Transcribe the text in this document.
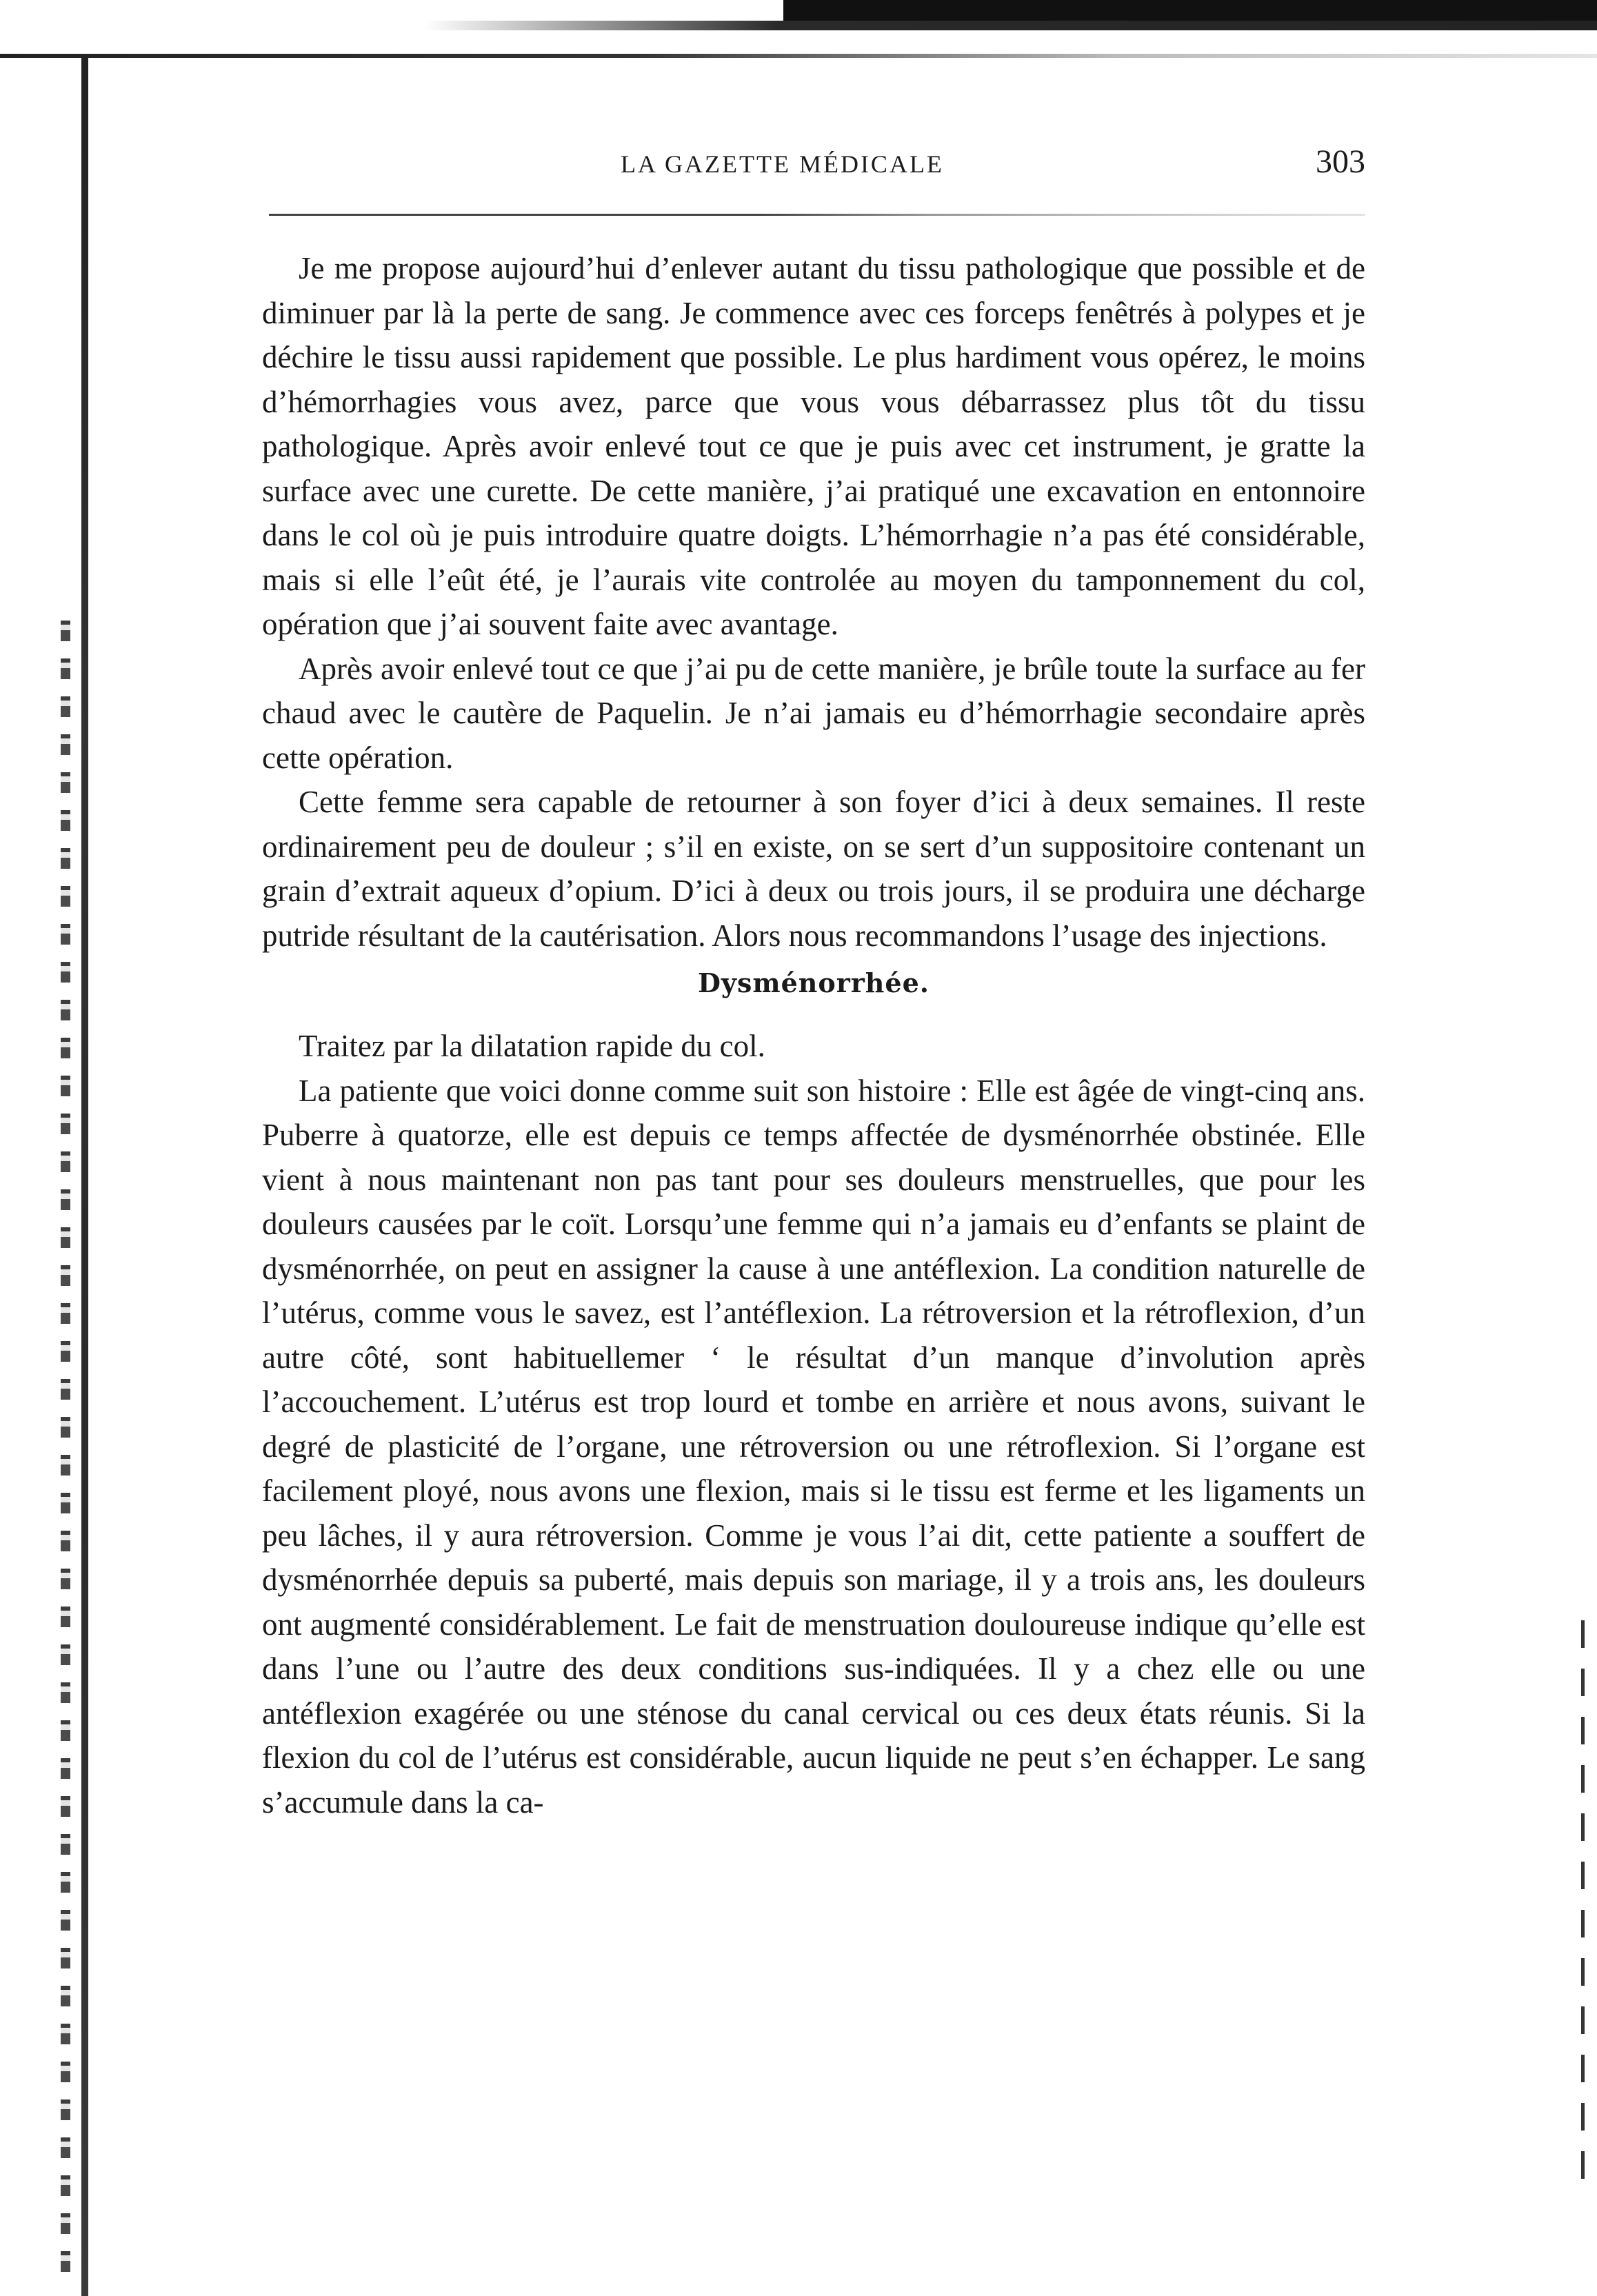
LA GAZETTE MÉDICALE	303

Je me propose aujourd’hui d’enlever autant du tissu pathologique que possible et de diminuer par là la perte de sang. Je commence avec ces forceps fenêtrés à polypes et je déchire le tissu aussi rapidement que possible. Le plus hardiment vous opérez, le moins d’hémorrhagies vous avez, parce que vous vous débarrassez plus tôt du tissu pathologique. Après avoir enlevé tout ce que je puis avec cet instrument, je gratte la surface avec une curette. De cette manière, j’ai pratiqué une excavation en entonnoire dans le col où je puis introduire quatre doigts. L’hémorrhagie n’a pas été considérable, mais si elle l’eût été, je l’aurais vite controlée au moyen du tamponnement du col, opération que j’ai souvent faite avec avantage.

Après avoir enlevé tout ce que j’ai pu de cette manière, je brûle toute la surface au fer chaud avec le cautère de Paquelin. Je n’ai jamais eu d’hémorrhagie secondaire après cette opération.

Cette femme sera capable de retourner à son foyer d’ici à deux semaines. Il reste ordinairement peu de douleur ; s’il en existe, on se sert d’un suppositoire contenant un grain d’extrait aqueux d’opium. D’ici à deux ou trois jours, il se produira une décharge putride résultant de la cautérisation. Alors nous recommandons l’usage des injections.

Dysménorrhée.

Traitez par la dilatation rapide du col.

La patiente que voici donne comme suit son histoire : Elle est âgée de vingt-cinq ans. Puberre à quatorze, elle est depuis ce temps affectée de dysménorrhée obstinée. Elle vient à nous maintenant non pas tant pour ses douleurs menstruelles, que pour les douleurs causées par le coït. Lorsqu’une femme qui n’a jamais eu d’enfants se plaint de dysménorrhée, on peut en assigner la cause à une antéflexion. La condition naturelle de l’utérus, comme vous le savez, est l’antéflexion. La rétroversion et la rétroflexion, d’un autre côté, sont habituellemer ‘ le résultat d’un manque d’involution après l’accouchement. L’utérus est trop lourd et tombe en arrière et nous avons, suivant le degré de plasticité de l’organe, une rétroversion ou une rétroflexion. Si l’organe est facilement ployé, nous avons une flexion, mais si le tissu est ferme et les ligaments un peu lâches, il y aura rétroversion. Comme je vous l’ai dit, cette patiente a souffert de dysménorrhée depuis sa puberté, mais depuis son mariage, il y a trois ans, les douleurs ont augmenté considérablement. Le fait de menstruation douloureuse indique qu’elle est dans l’une ou l’autre des deux conditions sus-indiquées. Il y a chez elle ou une antéflexion exagérée ou une sténose du canal cervical ou ces deux états réunis. Si la flexion du col de l’utérus est considérable, aucun liquide ne peut s’en échapper. Le sang s’accumule dans la ca-
